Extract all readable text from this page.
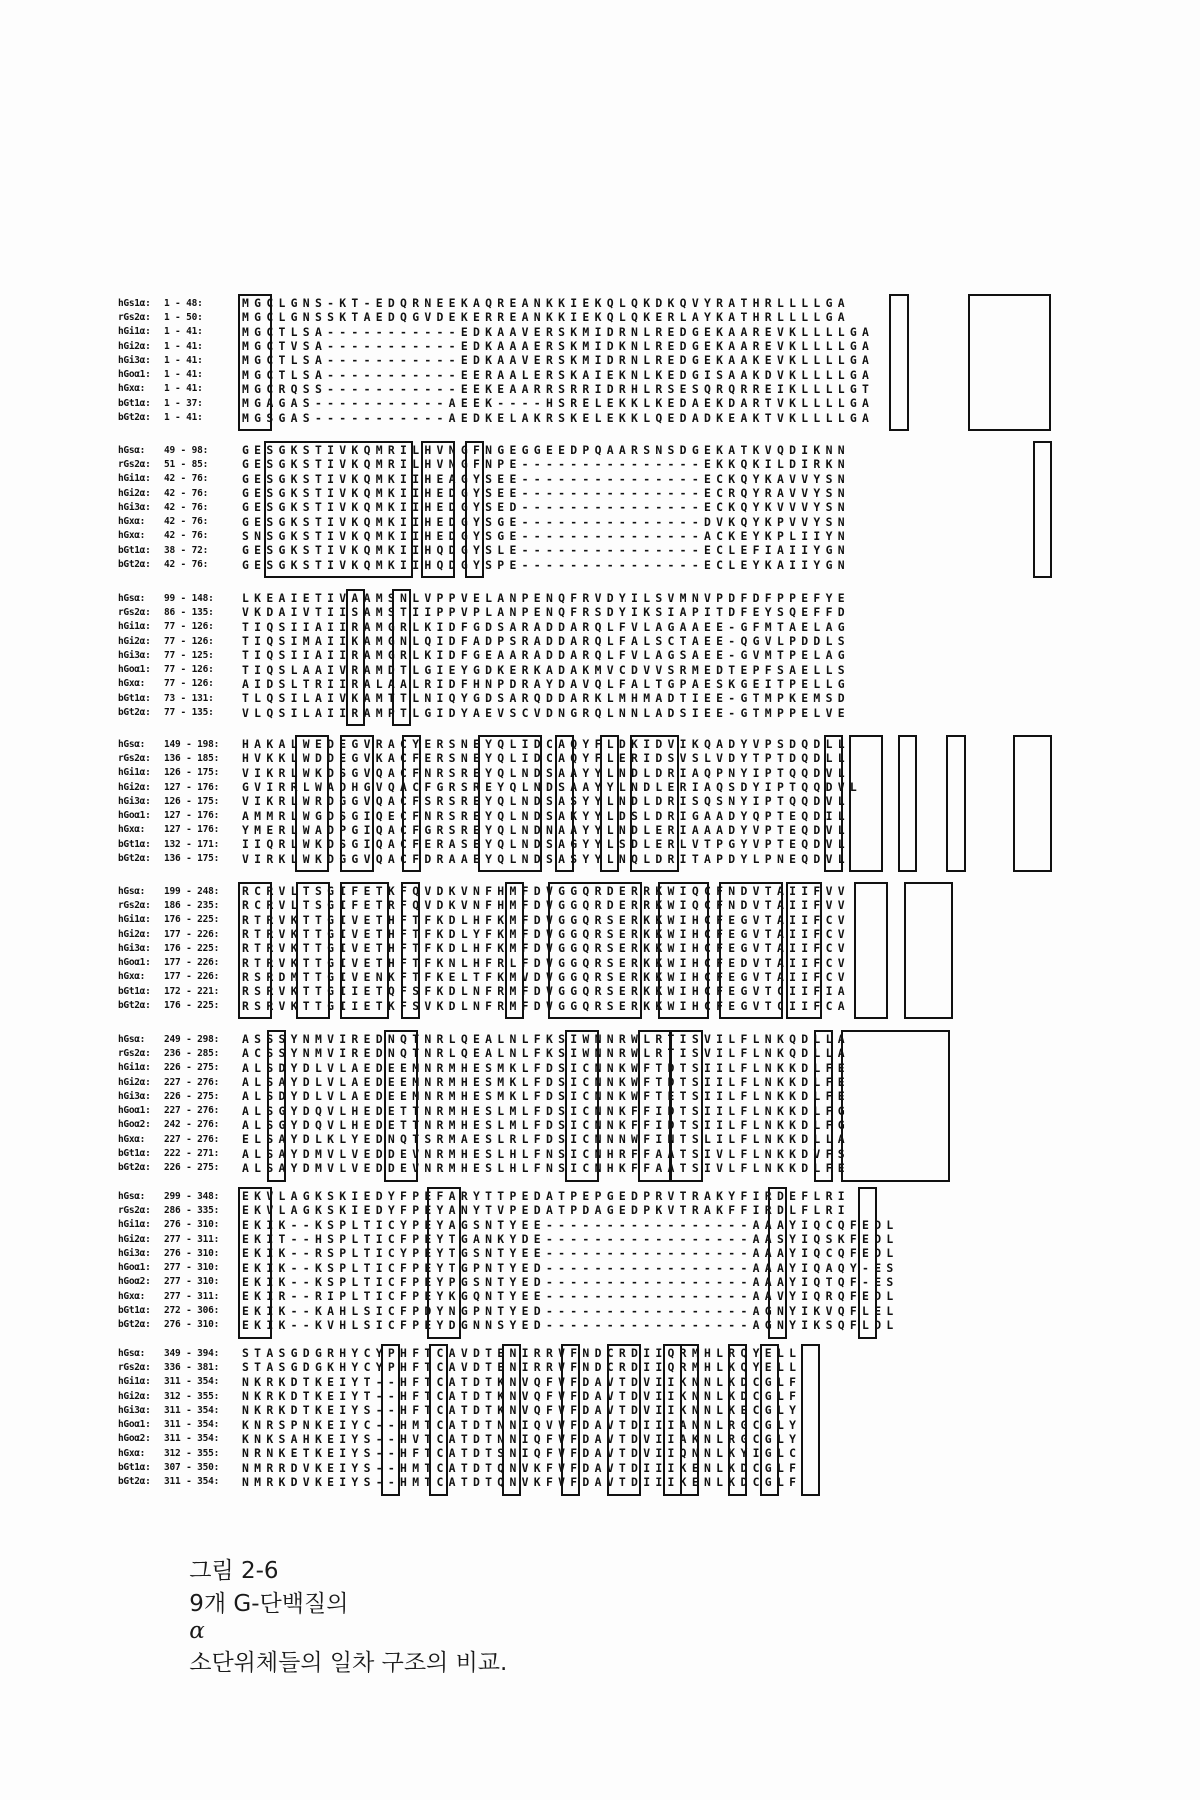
hGs1α:	1 - 48:	MGCLGNS-KT-EDQRNEEKAQREANKKIEKQLQKDKQVYRATHRLLLLGA
rGs2α:	1 - 50:	MGCLGNSSKTAEDQGVDEKERREANKKIEKQLQKERLAYKATHRLLLLGA
hGi1α:	1 - 41:	MGCTLSA-----------EDKAAVERSKMIDRNLREDGEKAAREVKLLLLGA
hGi2α:	1 - 41:	MGCTVSA-----------EDKAAAERSKMIDKNLREDGEKAAREVKLLLLGA
hGi3α:	1 - 41:	MGCTLSA-----------EDKAAVERSKMIDRNLREDGEKAAKEVKLLLLGA
hGoα1:	1 - 41:	MGCTLSA-----------EERAALERSKAIEKNLKEDGISAAKDVKLLLLGA
hGxα:	1 - 41:	MGCRQSS-----------EEKEAARRSRRIDRHLRSESQRQRREIKLLLLGT
bGt1α:	1 - 37:	MGAGAS-----------AEEK----HSRELEKKLKEDAEKDARTVKLLLLGA
bGt2α:	1 - 41:	MGSGAS-----------AEDKELAKRSKELEKKLQEDADKEAKTVKLLLLGA
hGsα:	49 - 98:	GESGKSTIVKQMRILHVNGFNGEGGEEDPQAARSNSDGEKATKVQDIKNN
rGs2α:	51 - 85:	GESGKSTIVKQMRILHVNGFNPE---------------EKKQKILDIRKN
hGi1α:	42 - 76:	GESGKSTIVKQMKIIHEAGYSEE---------------ECKQYKAVVYSN
hGi2α:	42 - 76:	GESGKSTIVKQMKIIHEDGYSEE---------------ECRQYRAVVYSN
hGi3α:	42 - 76:	GESGKSTIVKQMKIIHEDGYSED---------------ECKQYKVVVYSN
hGxα:	42 - 76:	GESGKSTIVKQMKIIHEDGYSGE---------------DVKQYKPVVYSN
hGxα:	42 - 76:	SNSGKSTIVKQMKIIHEDGYSGE---------------ACKEYKPLIIYN
bGt1α:	38 - 72:	GESGKSTIVKQMKIIHQDGYSLE---------------ECLEFIAIIYGN
bGt2α:	42 - 76:	GESGKSTIVKQMKIIHQDGYSPE---------------ECLEYKAIIYGN
hGsα:	99 - 148:	LKEAIETIVAAMSNLVPPVELANPENQFRVDYILSVMNVPDFDFPPEFYE
rGs2α:	86 - 135:	VKDAIVTIISAMSTIIPPVPLANPENQFRSDYIKSIAPITDFEYSQEFFD
hGi1α:	77 - 126:	TIQSIIAIIRAMGRLKIDFGDSARADDARQLFVLAGAAEE-GFMTAELAG
hGi2α:	77 - 126:	TIQSIMAIIKAMGNLQIDFADPSRADDARQLFALSCTAEE-QGVLPDDLS
hGi3α:	77 - 125:	TIQSIIAIIRAMGRLKIDFGEAARADDARQLFVLAGSAEE-GVMTPELAG
hGoα1:	77 - 126:	TIQSLAAIVRAMDTLGIEYGDKERKADAKMVCDVVSRMEDTEPFSAELLS
hGxα:	77 - 126:	AIDSLTRIIRALAALRIDFHNPDRAYDAVQLFALTGPAESKGEITPELLG
bGt1α:	73 - 131:	TLQSILAIVKAMTTLNIQYGDSARQDDARKLMHMADTIEE-GTMPKEMSD
bGt2α:	77 - 135:	VLQSILAIIRAMPTLGIDYAEVSCVDNGRQLNNLADSIEE-GTMPPELVE
hGsα:	149 - 198:	HAKALWEDEGVRACYERSNEYQLIDCAQYFLDKIDVIKQADYVPSDQDLL
rGs2α:	136 - 185:	HVKKLWDDEGVKACFERSNEYQLIDCAQYFLERIDSVSLVDYTPTDQDLL
hGi1α:	126 - 175:	VIKRLWKDSGVQACFNRSREYQLNDSAAYYLNDLDRIAQPNYIPTQQDVL
hGi2α:	127 - 176:	GVIRRLWADHGVQACFGRSREYQLNDSAAYYLNDLERIAQSDYIPTQQDVL
hGi3α:	126 - 175:	VIKRLWRDGGVQACFSRSREYQLNDSASYYLNDLDRISQSNYIPTQQDVL
hGoα1:	127 - 176:	AMMRLWGDSGIQECFNRSREYQLNDSAKYYLDSLDRIGAADYQPTEQDIL
hGxα:	127 - 176:	YMERLWADPGIQACFGRSREYQLNDNAAYYLNDLERIAAADYVPTEQDVL
bGt1α:	132 - 171:	IIQRLWKDSGIQACFERASEYQLNDSAGYYLSDLERLVTPGYVPTEQDVL
bGt2α:	136 - 175:	VIRKLWKDGGVQACFDRAAEYQLNDSASYYLNQLDRITAPDYLPNEQDVL
hGsα:	199 - 248:	RCRVLTSGIFETKFQVDKVNFHMFDVGGQRDERRKWIQCFNDVTAIIFVV
rGs2α:	186 - 235:	RCRVLTSGIFETRFQVDKVNFHMFDVGGQRDERRKWIQCFNDVTAIIFVV
hGi1α:	176 - 225:	RTRVKTTGIVETHFTFKDLHFKMFDVGGQRSERKKWIHCFEGVTAIIFCV
hGi2α:	177 - 226:	RTRVKTTGIVETHFTFKDLYFKMFDVGGQRSERKKWIHCFEGVTAIIFCV
hGi3α:	176 - 225:	RTRVKTTGIVETHFTFKDLHFKMFDVGGQRSERKKWIHCFEGVTAIIFCV
hGoα1:	177 - 226:	RTRVKTTGIVETHFTFKNLHFRLFDVGGQRSERKKWIHCFEDVTAIIFCV
hGxα:	177 - 226:	RSRDMTTGIVENKFTFKELTFKMVDVGGQRSERKKWIHCFEGVTAIIFCV
bGt1α:	172 - 221:	RSRVKTTGIIETQFSFKDLNFRMFDVGGQRSERKKWIHCFEGVTCIIFIA
bGt2α:	176 - 225:	RSRVKTTGIIETKFSVKDLNFRMFDVGGQRSERKKWIHCFEGVTCIIFCA
hGsα:	249 - 298:	ASSSYNMVIREDNQTNRLQEALNLFKSIWNNRWLRTISVILFLNKQDLLA
rGs2α:	236 - 285:	ACSSYNMVIREDNQTNRLQEALNLFKSIWNNRWLRTISVILFLNKQDLLA
hGi1α:	226 - 275:	ALSDYDLVLAEDEEMNRMHESMKLFDSICNNKWFTDTSIILFLNKKDLFE
hGi2α:	227 - 276:	ALSAYDLVLAEDEEMNRMHESMKLFDSICNNKWFTDTSIILFLNKKDLFE
hGi3α:	226 - 275:	ALSDYDLVLAEDEEMNRMHESMKLFDSICNNKWFTETSIILFLNKKDLFE
hGoα1:	227 - 276:	ALSGYDQVLHEDETTNRMHESLMLFDSICNNKFFIDTSIILFLNKKDLFG
hGoα2:	242 - 276:	ALSGYDQVLHEDETTNRMHESLMLFDSICNNKFFIDTSIILFLNKKDLFG
hGxα:	227 - 276:	ELSAYDLKLYEDNQTSRMAESLRLFDSICNNNWFINTSLILFLNKKDLLA
bGt1α:	222 - 271:	ALSAYDMVLVEDDEVNRMHESLHLFNSICNHRFFAATSIVLFLNKKDVFS
bGt2α:	226 - 275:	ALSAYDMVLVEDDEVNRMHESLHLFNSICNHKFFAATSIVLFLNKKDLFE
hGsα:	299 - 348:	EKVLAGKSKIEDYFPEFARYTTPEDATPEPGEDPRVTRAKYFIRDEFLRI
rGs2α:	286 - 335:	EKVLAGKSKIEDYFPEYANYTVPEDATPDAGEDPKVTRAKFFIRDLFLRI
hGi1α:	276 - 310:	EKIK--KSPLTICYPEYAGSNTYEE-----------------AAAYIQCQFEDL
hGi2α:	277 - 311:	EKIT--HSPLTICFPEYTGANKYDE-----------------AASYIQSKFEDL
hGi3α:	276 - 310:	EKIK--RSPLTICYPEYTGSNTYEE-----------------AAAYIQCQFEDL
hGoα1:	277 - 310:	EKIK--KSPLTICFPEYTGPNTYED-----------------AAAYIQAQY-ES
hGoα2:	277 - 310:	EKIK--KSPLTICFPEYPGSNTYED-----------------AAAYIQTQF-ES
hGxα:	277 - 311:	EKIR--RIPLTICFPEYKGQNTYEE-----------------AAVYIQRQFEDL
bGt1α:	272 - 306:	EKIK--KAHLSICFPDYNGPNTYED-----------------AGNYIKVQFLEL
bGt2α:	276 - 310:	EKIK--KVHLSICFPEYDGNNSYED-----------------AGNYIKSQFLDL
hGsα:	349 - 394:	STASGDGRHYCYPHFTCAVDTENIRRVFNDCRDIIQRMHLRQYELL
rGs2α:	336 - 381:	STASGDGKHYCYPHFTCAVDTENIRRVFNDCRDIIQRMHLKQYELL
hGi1α:	311 - 354:	NKRKDTKEIYT--HFTCATDTKNVQFVFDAVTDVIIKNNLKDCGLF
hGi2α:	312 - 355:	NKRKDTKEIYT--HFTCATDTKNVQFVFDAVTDVIIKNNLKDCGLF
hGi3α:	311 - 354:	NKRKDTKEIYS--HFTCATDTKNVQFVFDAVTDVIIKNNLKECGLY
hGoα1:	311 - 354:	KNRSPNKEIYC--HMTCATDTNNIQVVFDAVTDIIIANNLRGCGLY
hGoα2:	311 - 354:	KNKSAHKEIYS--HVTCATDTNNIQFVFDAVTDVIIAKNLRGCGLY
hGxα:	312 - 355:	NRNKETKEIYS--HFTCATDTSNIQFVFDAVTDVIIQNNLKYIGLC
bGt1α:	307 - 350:	NMRRDVKEIYS--HMTCATDTQNVKFVFDAVTDIIIKENLKDCGLF
bGt2α:	311 - 354:	NMRKDVKEIYS--HMTCATDTQNVKFVFDAVTDIIIKENLKDCGLF

그림 2-6
9개 G-단백질의
α
소단위체들의 일차 구조의 비교.
